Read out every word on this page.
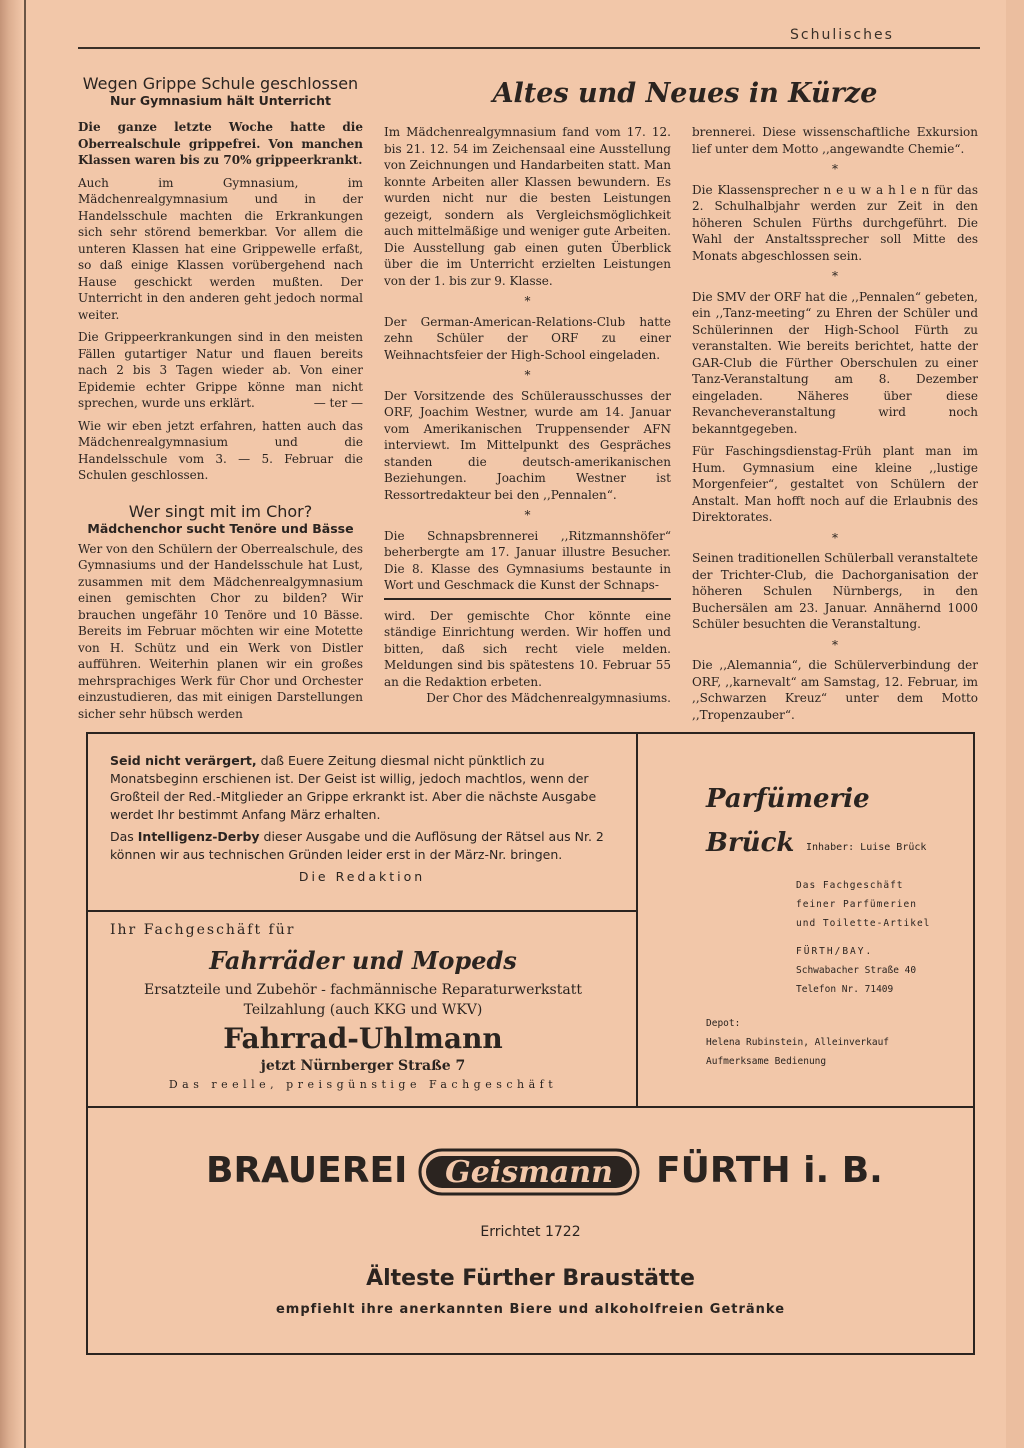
Schulisches
Wegen Grippe Schule geschlossen
Nur Gymnasium hält Unterricht

Die ganze letzte Woche hatte die Oberrealschule grippefrei. Von manchen Klassen waren bis zu 70% grippeerkrankt.

Auch im Gymnasium, im Mädchenrealgymnasium und in der Handelsschule machten die Erkrankungen sich sehr störend bemerkbar. Vor allem die unteren Klassen hat eine Grippewelle erfaßt, so daß einige Klassen vorübergehend nach Hause geschickt werden mußten. Der Unterricht in den anderen geht jedoch normal weiter.

Die Grippeerkrankungen sind in den meisten Fällen gutartiger Natur und flauen bereits nach 2 bis 3 Tagen wieder ab. Von einer Epidemie echter Grippe könne man nicht sprechen, wurde uns erklärt.	— ter —

Wie wir eben jetzt erfahren, hatten auch das Mädchenrealgymnasium und die Handelsschule vom 3. — 5. Februar die Schulen geschlossen.

Wer singt mit im Chor?
Mädchenchor sucht Tenöre und Bässe

Wer von den Schülern der Oberrealschule, des Gymnasiums und der Handelsschule hat Lust, zusammen mit dem Mädchenrealgymnasium einen gemischten Chor zu bilden? Wir brauchen ungefähr 10 Tenöre und 10 Bässe. Bereits im Februar möchten wir eine Motette von H. Schütz und ein Werk von Distler aufführen. Weiterhin planen wir ein großes mehrsprachiges Werk für Chor und Orchester einzustudieren, das mit einigen Darstellungen sicher sehr hübsch werden

Altes und Neues in Kürze

Im Mädchenrealgymnasium fand vom 17. 12. bis 21. 12. 54 im Zeichensaal eine Ausstellung von Zeichnungen und Handarbeiten statt. Man konnte Arbeiten aller Klassen bewundern. Es wurden nicht nur die besten Leistungen gezeigt, sondern als Vergleichsmöglichkeit auch mittelmäßige und weniger gute Arbeiten. Die Ausstellung gab einen guten Überblick über die im Unterricht erzielten Leistungen von der 1. bis zur 9. Klasse.

*

Der German-American-Relations-Club hatte zehn Schüler der ORF zu einer Weihnachtsfeier der High-School eingeladen.

*

Der Vorsitzende des Schülerausschusses der ORF, Joachim Westner, wurde am 14. Januar vom Amerikanischen Truppensender AFN interviewt. Im Mittelpunkt des Gespräches standen die deutsch-amerikanischen Beziehungen. Joachim Westner ist Ressortredakteur bei den ,,Pennalen“.

*

Die Schnapsbrennerei ,,Ritzmannshöfer“ beherbergte am 17. Januar illustre Besucher. Die 8. Klasse des Gymnasiums bestaunte in Wort und Geschmack die Kunst der Schnaps-

wird. Der gemischte Chor könnte eine ständige Einrichtung werden. Wir hoffen und bitten, daß sich recht viele melden. Meldungen sind bis spätestens 10. Februar 55 an die Redaktion erbeten.

Der Chor des Mädchenrealgymnasiums.

brennerei. Diese wissenschaftliche Exkursion lief unter dem Motto ,,angewandte Chemie“.

*

Die Klassensprecher n e u w a h l e n für das 2. Schulhalbjahr werden zur Zeit in den höheren Schulen Fürths durchgeführt. Die Wahl der Anstaltssprecher soll Mitte des Monats abgeschlossen sein.

*

Die SMV der ORF hat die ,,Pennalen“ gebeten, ein ,,Tanz-meeting“ zu Ehren der Schüler und Schülerinnen der High-School Fürth zu veranstalten. Wie bereits berichtet, hatte der GAR-Club die Fürther Oberschulen zu einer Tanz-Veranstaltung am 8. Dezember eingeladen. Näheres über diese Revancheveranstaltung wird noch bekanntgegeben.

Für Faschingsdienstag-Früh plant man im Hum. Gymnasium eine kleine ,,lustige Morgenfeier“, gestaltet von Schülern der Anstalt. Man hofft noch auf die Erlaubnis des Direktorates.

*

Seinen traditionellen Schülerball veranstaltete der Trichter-Club, die Dachorganisation der höheren Schulen Nürnbergs, in den Buchersälen am 23. Januar. Annähernd 1000 Schüler besuchten die Veranstaltung.

*

Die ,,Alemannia“, die Schülerverbindung der ORF, ,,karnevalt“ am Samstag, 12. Februar, im ,,Schwarzen Kreuz“ unter dem Motto ,,Tropenzauber“.

Seid nicht verärgert, daß Euere Zeitung diesmal nicht pünktlich zu Monatsbeginn erschienen ist. Der Geist ist willig, jedoch machtlos, wenn der Großteil der Red.-Mitglieder an Grippe erkrankt ist. Aber die nächste Ausgabe werdet Ihr bestimmt Anfang März erhalten.

Das Intelligenz-Derby dieser Ausgabe und die Auflösung der Rätsel aus Nr. 2 können wir aus technischen Gründen leider erst in der März-Nr. bringen.

Die Redaktion

Parfümerie
Brück Inhaber: Luise Brück
Das Fachgeschäft
feiner Parfümerien
und Toilette-Artikel
FÜRTH/BAY.
Schwabacher Straße 40
Telefon Nr. 71409
Depot:
Helena Rubinstein, Alleinverkauf
Aufmerksame Bedienung
Ihr Fachgeschäft für
Fahrräder und Mopeds
Ersatzteile und Zubehör - fachmännische Reparaturwerkstatt
Teilzahlung (auch KKG und WKV)
Fahrrad-Uhlmann
jetzt Nürnberger Straße 7
Das reelle, preisgünstige Fachgeschäft
BRAUEREI Geismann FÜRTH i. B.
Errichtet 1722
Älteste Fürther Braustätte
empfiehlt ihre anerkannten Biere und alkoholfreien Getränke
